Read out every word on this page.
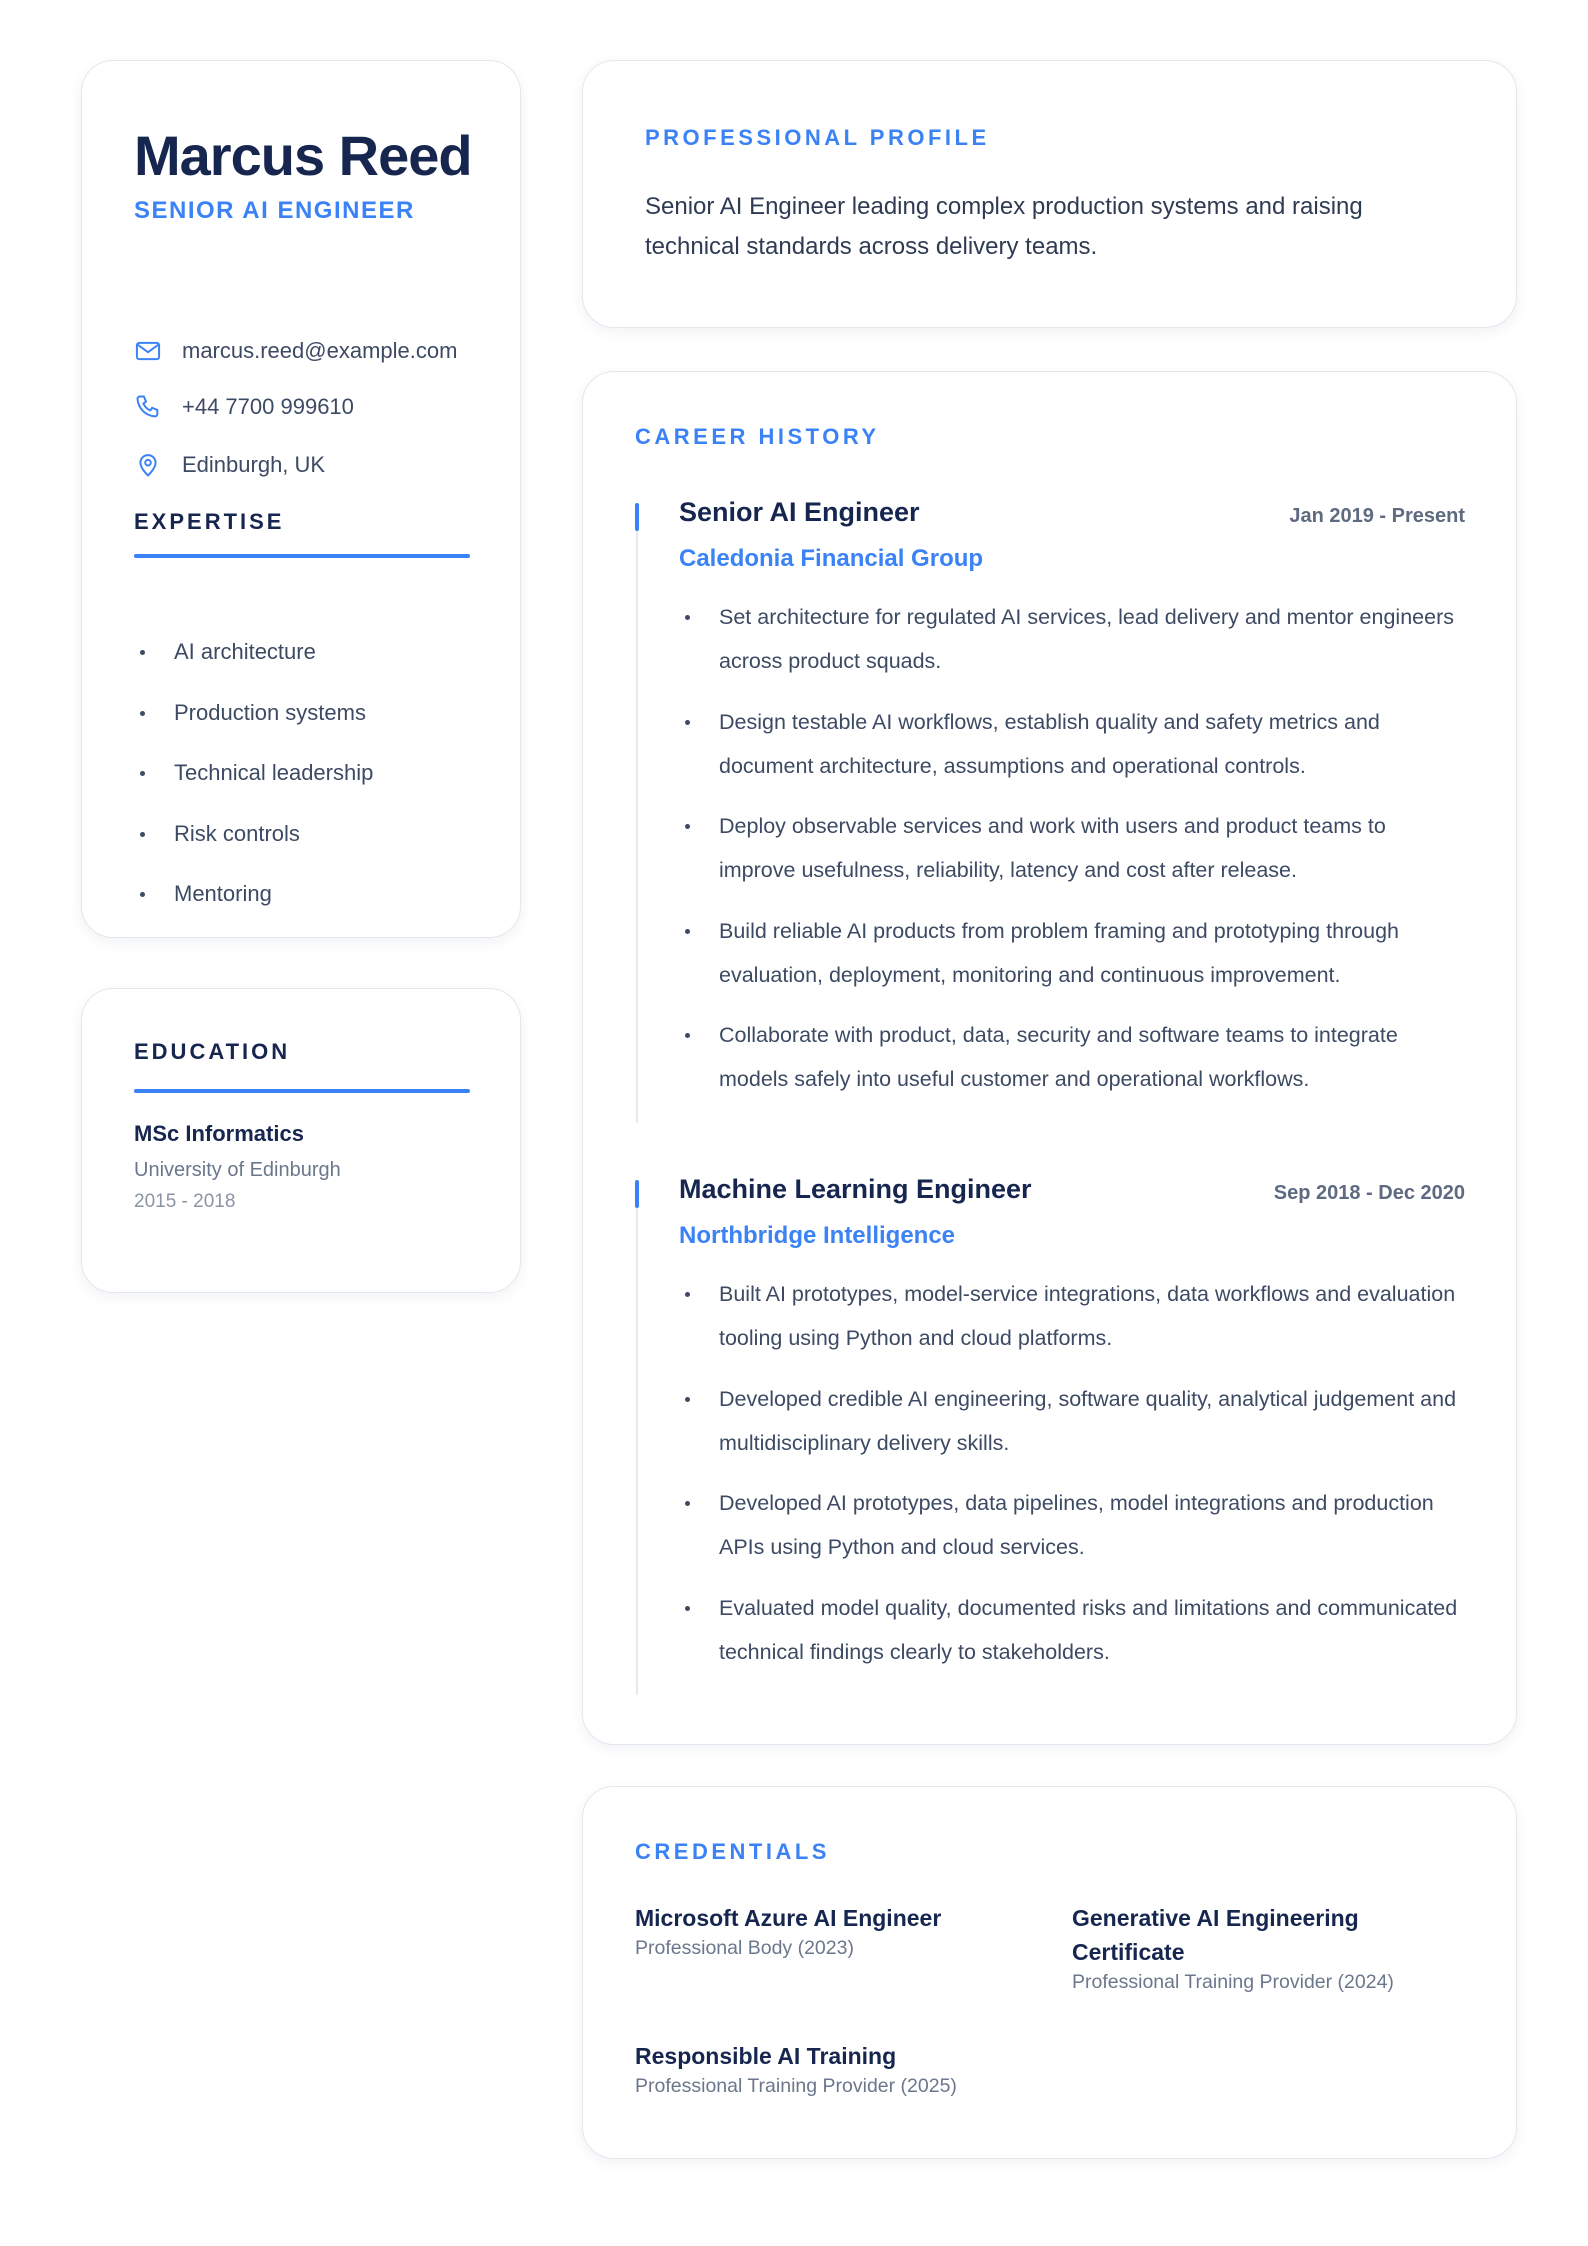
Marcus Reed
SENIOR AI ENGINEER
marcus.reed@example.com
+44 7700 999610
Edinburgh, UK
EXPERTISE
AI architecture
Production systems
Technical leadership
Risk controls
Mentoring
EDUCATION
MSc Informatics
University of Edinburgh
2015 - 2018
PROFESSIONAL PROFILE

Senior AI Engineer leading complex production systems and raising technical standards across delivery teams.

CAREER HISTORY
Senior AI Engineer	Jan 2019 - Present
Caledonia Financial Group
Set architecture for regulated AI services, lead delivery and mentor engineers across product squads.
Design testable AI workflows, establish quality and safety metrics and document architecture, assumptions and operational controls.
Deploy observable services and work with users and product teams to improve usefulness, reliability, latency and cost after release.
Build reliable AI products from problem framing and prototyping through evaluation, deployment, monitoring and continuous improvement.
Collaborate with product, data, security and software teams to integrate models safely into useful customer and operational workflows.
Machine Learning Engineer	Sep 2018 - Dec 2020
Northbridge Intelligence
Built AI prototypes, model-service integrations, data workflows and evaluation tooling using Python and cloud platforms.
Developed credible AI engineering, software quality, analytical judgement and multidisciplinary delivery skills.
Developed AI prototypes, data pipelines, model integrations and production APIs using Python and cloud services.
Evaluated model quality, documented risks and limitations and communicated technical findings clearly to stakeholders.
CREDENTIALS
Microsoft Azure AI Engineer
Professional Body (2023)
Generative AI Engineering Certificate
Professional Training Provider (2024)
Responsible AI Training
Professional Training Provider (2025)
